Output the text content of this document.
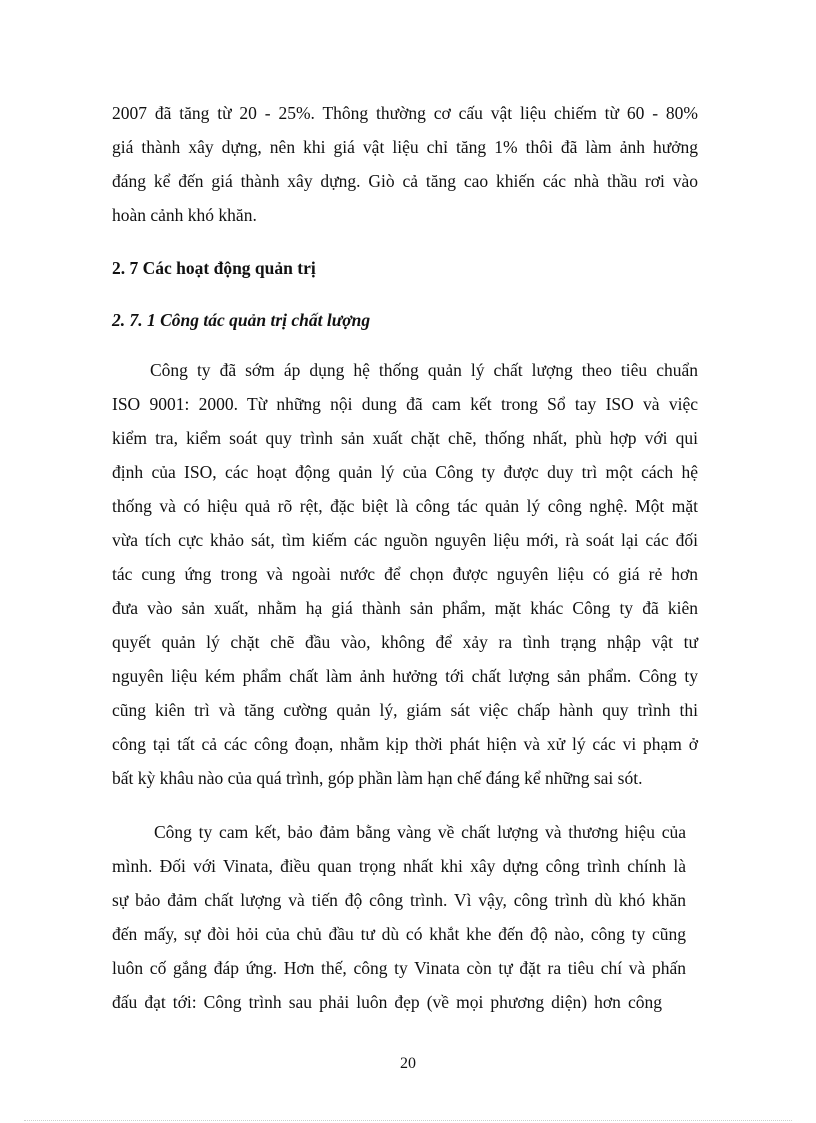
2007 đã tăng từ 20 - 25%. Thông thường cơ cấu vật liệu chiếm từ 60 - 80%
giá thành xây dựng, nên khi giá vật liệu chỉ tăng 1% thôi đã làm ảnh hưởng
đáng kể đến giá thành xây dựng. Giò cả tăng cao khiến các nhà thầu rơi vào
hoàn cảnh khó khăn.
2. 7 Các hoạt động quản trị
2. 7. 1 Công tác quản trị chất lượng
Công ty đã sớm áp dụng hệ thống quản lý chất lượng theo tiêu chuẩn
ISO 9001: 2000. Từ những nội dung đã cam kết trong Sổ tay ISO và việc
kiểm tra, kiểm soát quy trình sản xuất chặt chẽ, thống nhất, phù hợp với qui
định của ISO, các hoạt động quản lý của Công ty được duy trì một cách hệ
thống và có hiệu quả rõ rệt, đặc biệt là công tác quản lý công nghệ. Một mặt
vừa tích cực khảo sát, tìm kiếm các nguồn nguyên liệu mới, rà soát lại các đối
tác cung ứng trong và ngoài nước để chọn được nguyên liệu có giá rẻ hơn
đưa vào sản xuất, nhằm hạ giá thành sản phẩm, mặt khác Công ty đã kiên
quyết quản lý chặt chẽ đầu vào, không để xảy ra tình trạng nhập vật tư
nguyên liệu kém phẩm chất làm ảnh hưởng tới chất lượng sản phẩm. Công ty
cũng kiên trì và tăng cường quản lý, giám sát việc chấp hành quy trình thi
công tại tất cả các công đoạn, nhằm kịp thời phát hiện và xử lý các vi phạm ở
bất kỳ khâu nào của quá trình, góp phần làm hạn chế đáng kể những sai sót.
Công ty cam kết, bảo đảm bằng vàng về chất lượng và thương hiệu của
mình. Đối với Vinata, điều quan trọng nhất khi xây dựng công trình chính là
sự bảo đảm chất lượng và tiến độ công trình. Vì vậy, công trình dù khó khăn
đến mấy, sự đòi hỏi của chủ đầu tư dù có khắt khe đến độ nào, công ty cũng
luôn cố gắng đáp ứng. Hơn thế, công ty Vinata còn tự đặt ra tiêu chí và phấn
đấu đạt tới: Công trình sau phải luôn đẹp (về mọi phương diện) hơn công
20
